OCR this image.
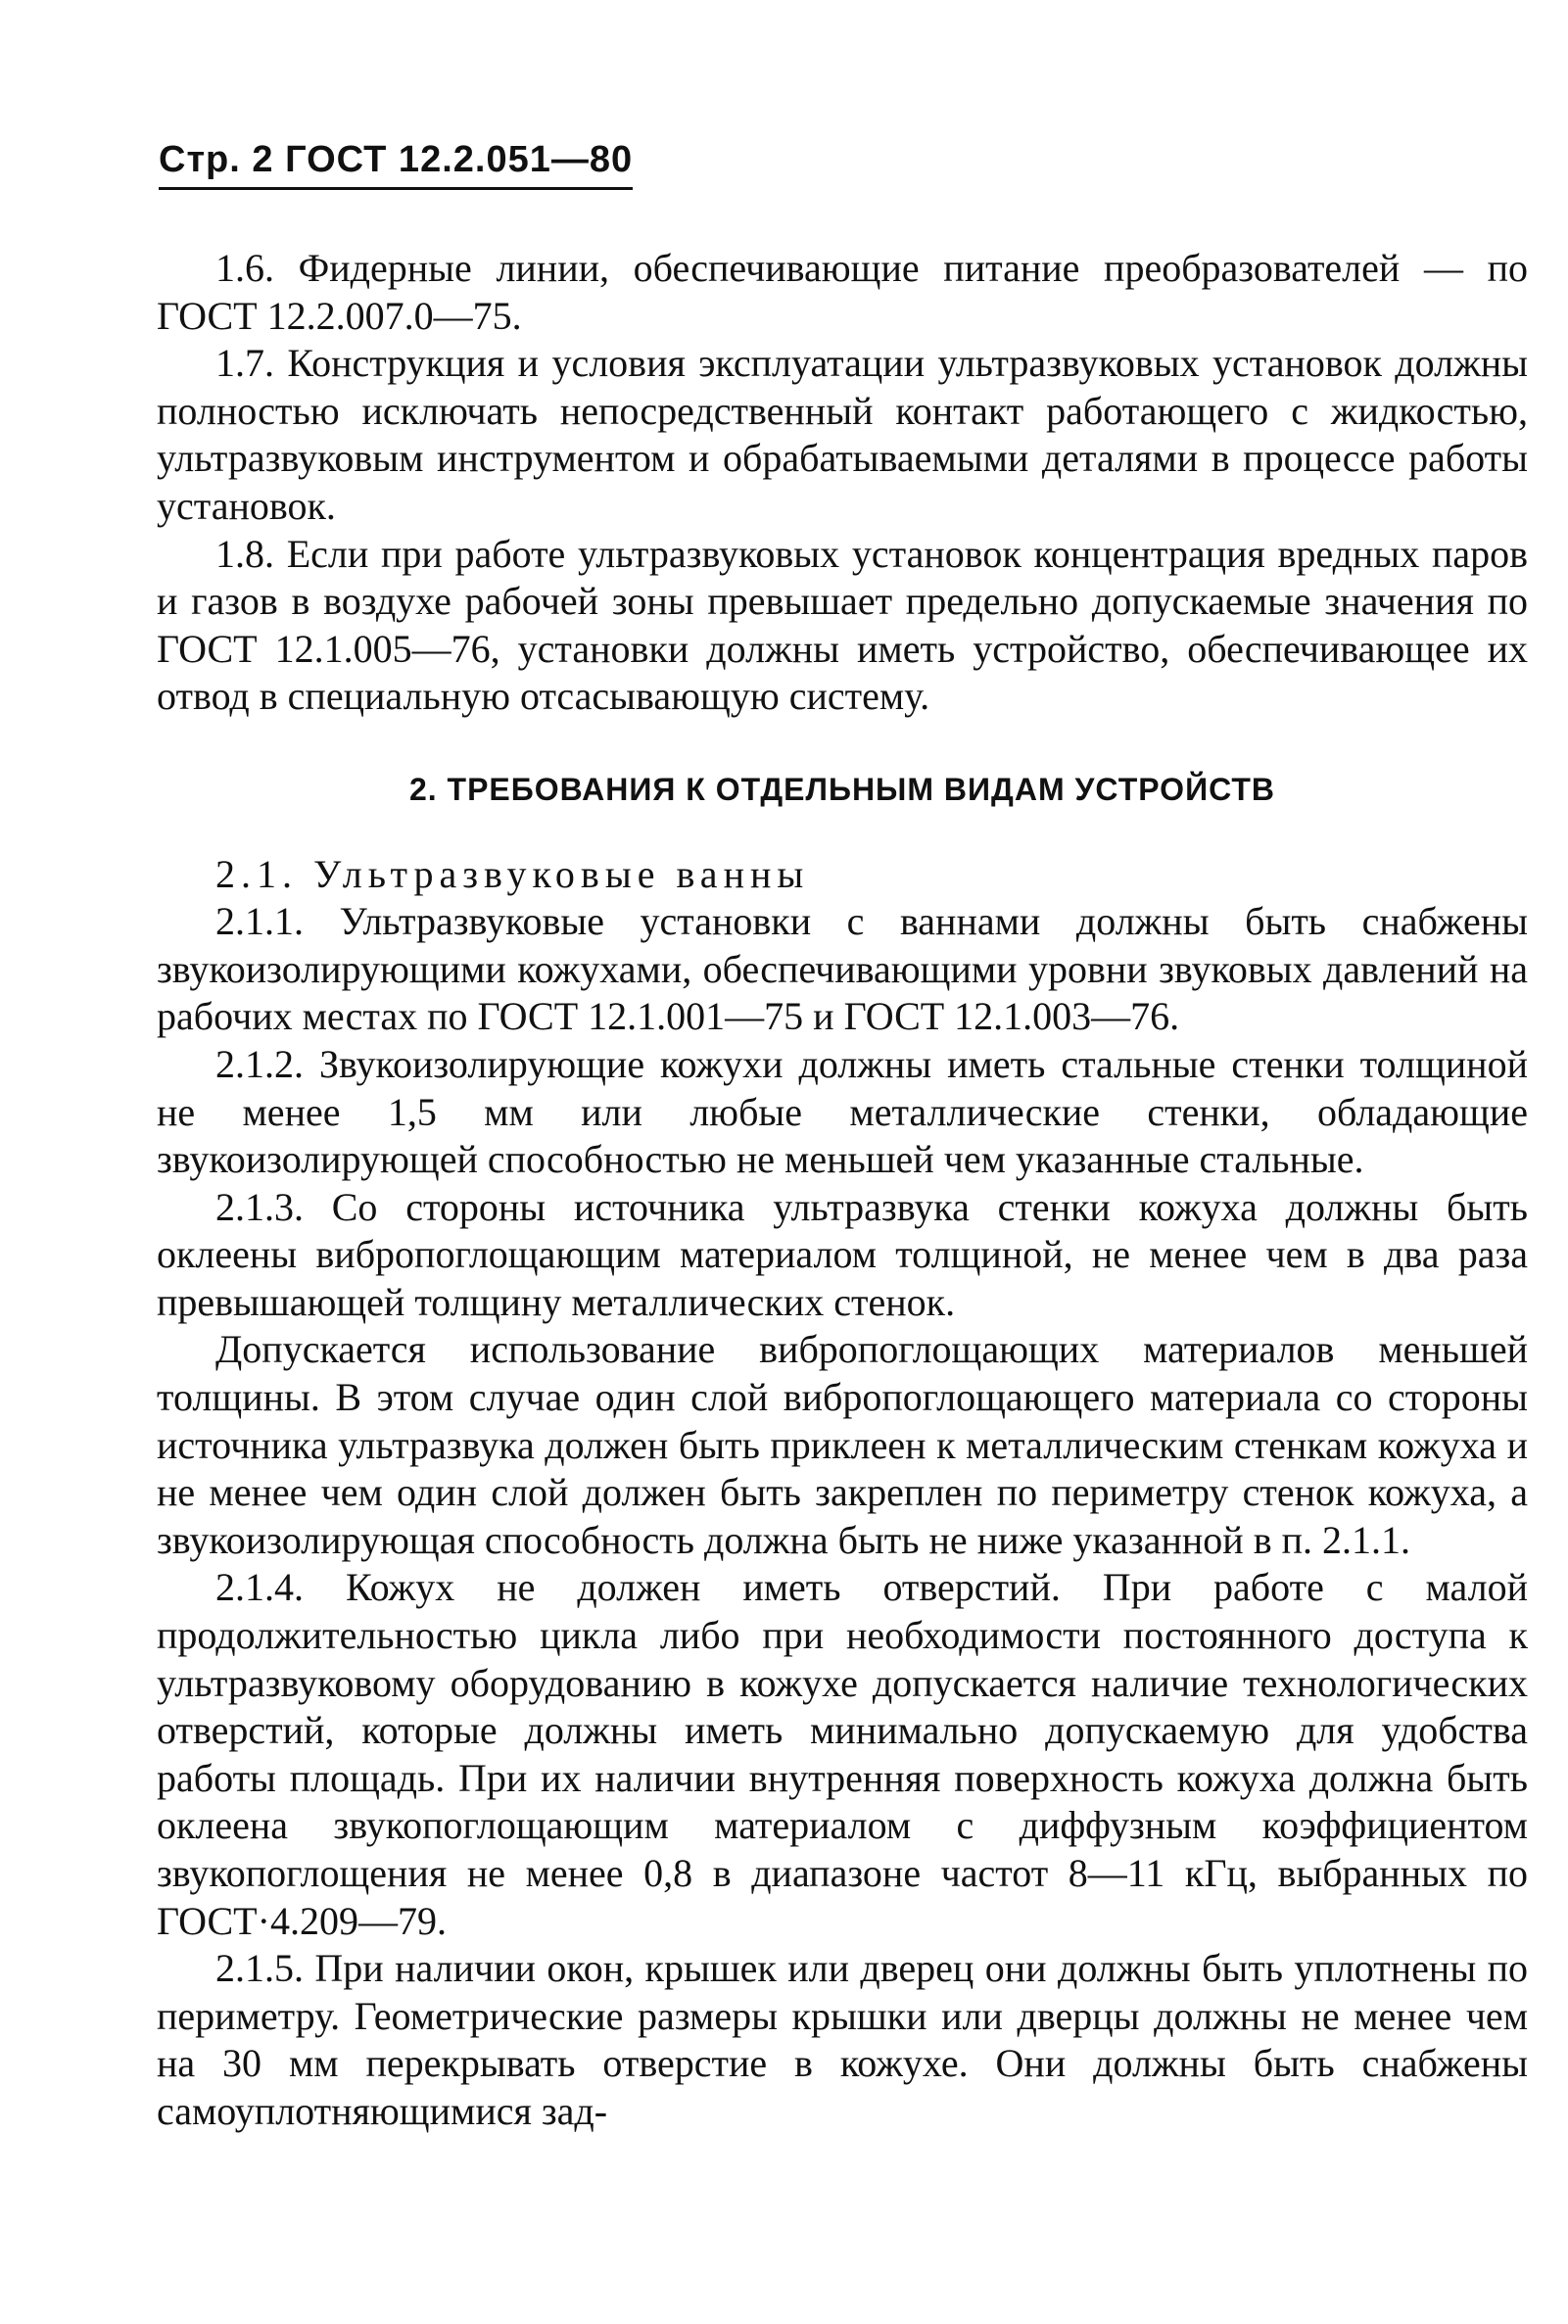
Стр. 2 ГОСТ 12.2.051—80

1.6. Фидерные линии, обеспечивающие питание преобразователей — по ГОСТ 12.2.007.0—75.

1.7. Конструкция и условия эксплуатации ультразвуковых установок должны полностью исключать непосредственный контакт работающего с жидкостью, ультразвуковым инструментом и обрабатываемыми деталями в процессе работы установок.

1.8. Если при работе ультразвуковых установок концентрация вредных паров и газов в воздухе рабочей зоны превышает предельно допускаемые значения по ГОСТ 12.1.005—76, установки должны иметь устройство, обеспечивающее их отвод в специальную отсасывающую систему.

2. ТРЕБОВАНИЯ К ОТДЕЛЬНЫМ ВИДАМ УСТРОЙСТВ

2.1. Ультразвуковые ванны

2.1.1. Ультразвуковые установки с ваннами должны быть снабжены звукоизолирующими кожухами, обеспечивающими уровни звуковых давлений на рабочих местах по ГОСТ 12.1.001—75 и ГОСТ 12.1.003—76.

2.1.2. Звукоизолирующие кожухи должны иметь стальные стенки толщиной не менее 1,5 мм или любые металлические стенки, обладающие звукоизолирующей способностью не меньшей чем указанные стальные.

2.1.3. Со стороны источника ультразвука стенки кожуха должны быть оклеены вибропоглощающим материалом толщиной, не менее чем в два раза превышающей толщину металлических стенок.

Допускается использование вибропоглощающих материалов меньшей толщины. В этом случае один слой вибропоглощающего материала со стороны источника ультразвука должен быть приклеен к металлическим стенкам кожуха и не менее чем один слой должен быть закреплен по периметру стенок кожуха, а звукоизолирующая способность должна быть не ниже указанной в п. 2.1.1.

2.1.4. Кожух не должен иметь отверстий. При работе с малой продолжительностью цикла либо при необходимости постоянного доступа к ультразвуковому оборудованию в кожухе допускается наличие технологических отверстий, которые должны иметь минимально допускаемую для удобства работы площадь. При их наличии внутренняя поверхность кожуха должна быть оклеена звукопоглощающим материалом с диффузным коэффициентом звукопоглощения не менее 0,8 в диапазоне частот 8—11 кГц, выбранных по ГОСТ·4.209—79.

2.1.5. При наличии окон, крышек или дверец они должны быть уплотнены по периметру. Геометрические размеры крышки или дверцы должны не менее чем на 30 мм перекрывать отверстие в кожухе. Они должны быть снабжены самоуплотняющимися зад-
